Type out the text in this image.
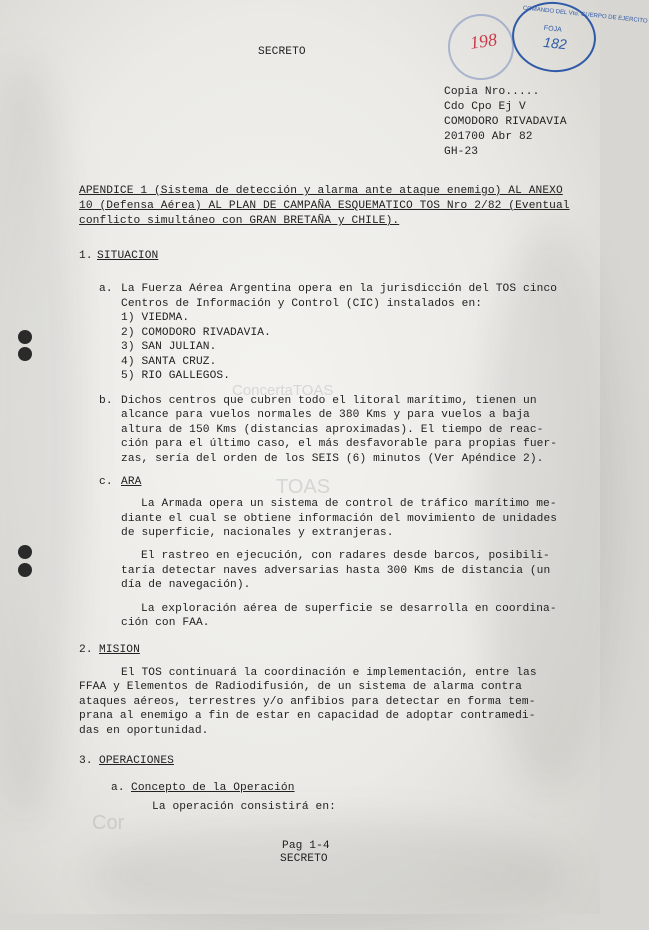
ConcertaTOAS
TOAS
Cor
198
COMANDO DEL Vto. CUERPO DE EJERCITO
FOJA
182
SECRETO
Copia Nro.....
Cdo Cpo Ej V
COMODORO RIVADAVIA
201700 Abr 82
GH-23
APENDICE 1 (Sistema de detección y alarma ante ataque enemigo) AL ANEXO
10 (Defensa Aérea) AL PLAN DE CAMPAÑA ESQUEMATICO TOS Nro 2/82 (Eventual
conflicto simultáneo con GRAN BRETAÑA y CHILE).
1. SITUACION
a. La Fuerza Aérea Argentina opera en la jurisdicción del TOS cinco
Centros de Información y Control (CIC) instalados en:
1) VIEDMA.
2) COMODORO RIVADAVIA.
3) SAN JULIAN.
4) SANTA CRUZ.
5) RIO GALLEGOS.
b. Dichos centros que cubren todo el litoral marítimo, tienen un
alcance para vuelos normales de 380 Kms y para vuelos a baja
altura de 150 Kms (distancias aproximadas). El tiempo de reac-
ción para el último caso, el más desfavorable para propias fuer-
zas, sería del orden de los SEIS (6) minutos (Ver Apéndice 2).
c. ARA
La Armada opera un sistema de control de tráfico marítimo me-
diante el cual se obtiene información del movimiento de unidades
de superficie, nacionales y extranjeras.
El rastreo en ejecución, con radares desde barcos, posibili-
taría detectar naves adversarias hasta 300 Kms de distancia (un
día de navegación).
La exploración aérea de superficie se desarrolla en coordina-
ción con FAA.
2. MISION
El TOS continuará la coordinación e implementación, entre las
FFAA y Elementos de Radiodifusión, de un sistema de alarma contra
ataques aéreos, terrestres y/o anfibios para detectar en forma tem-
prana al enemigo a fin de estar en capacidad de adoptar contramedi-
das en oportunidad.
3. OPERACIONES
a. Concepto de la Operación
La operación consistirá en:
Pag 1-4
SECRETO
